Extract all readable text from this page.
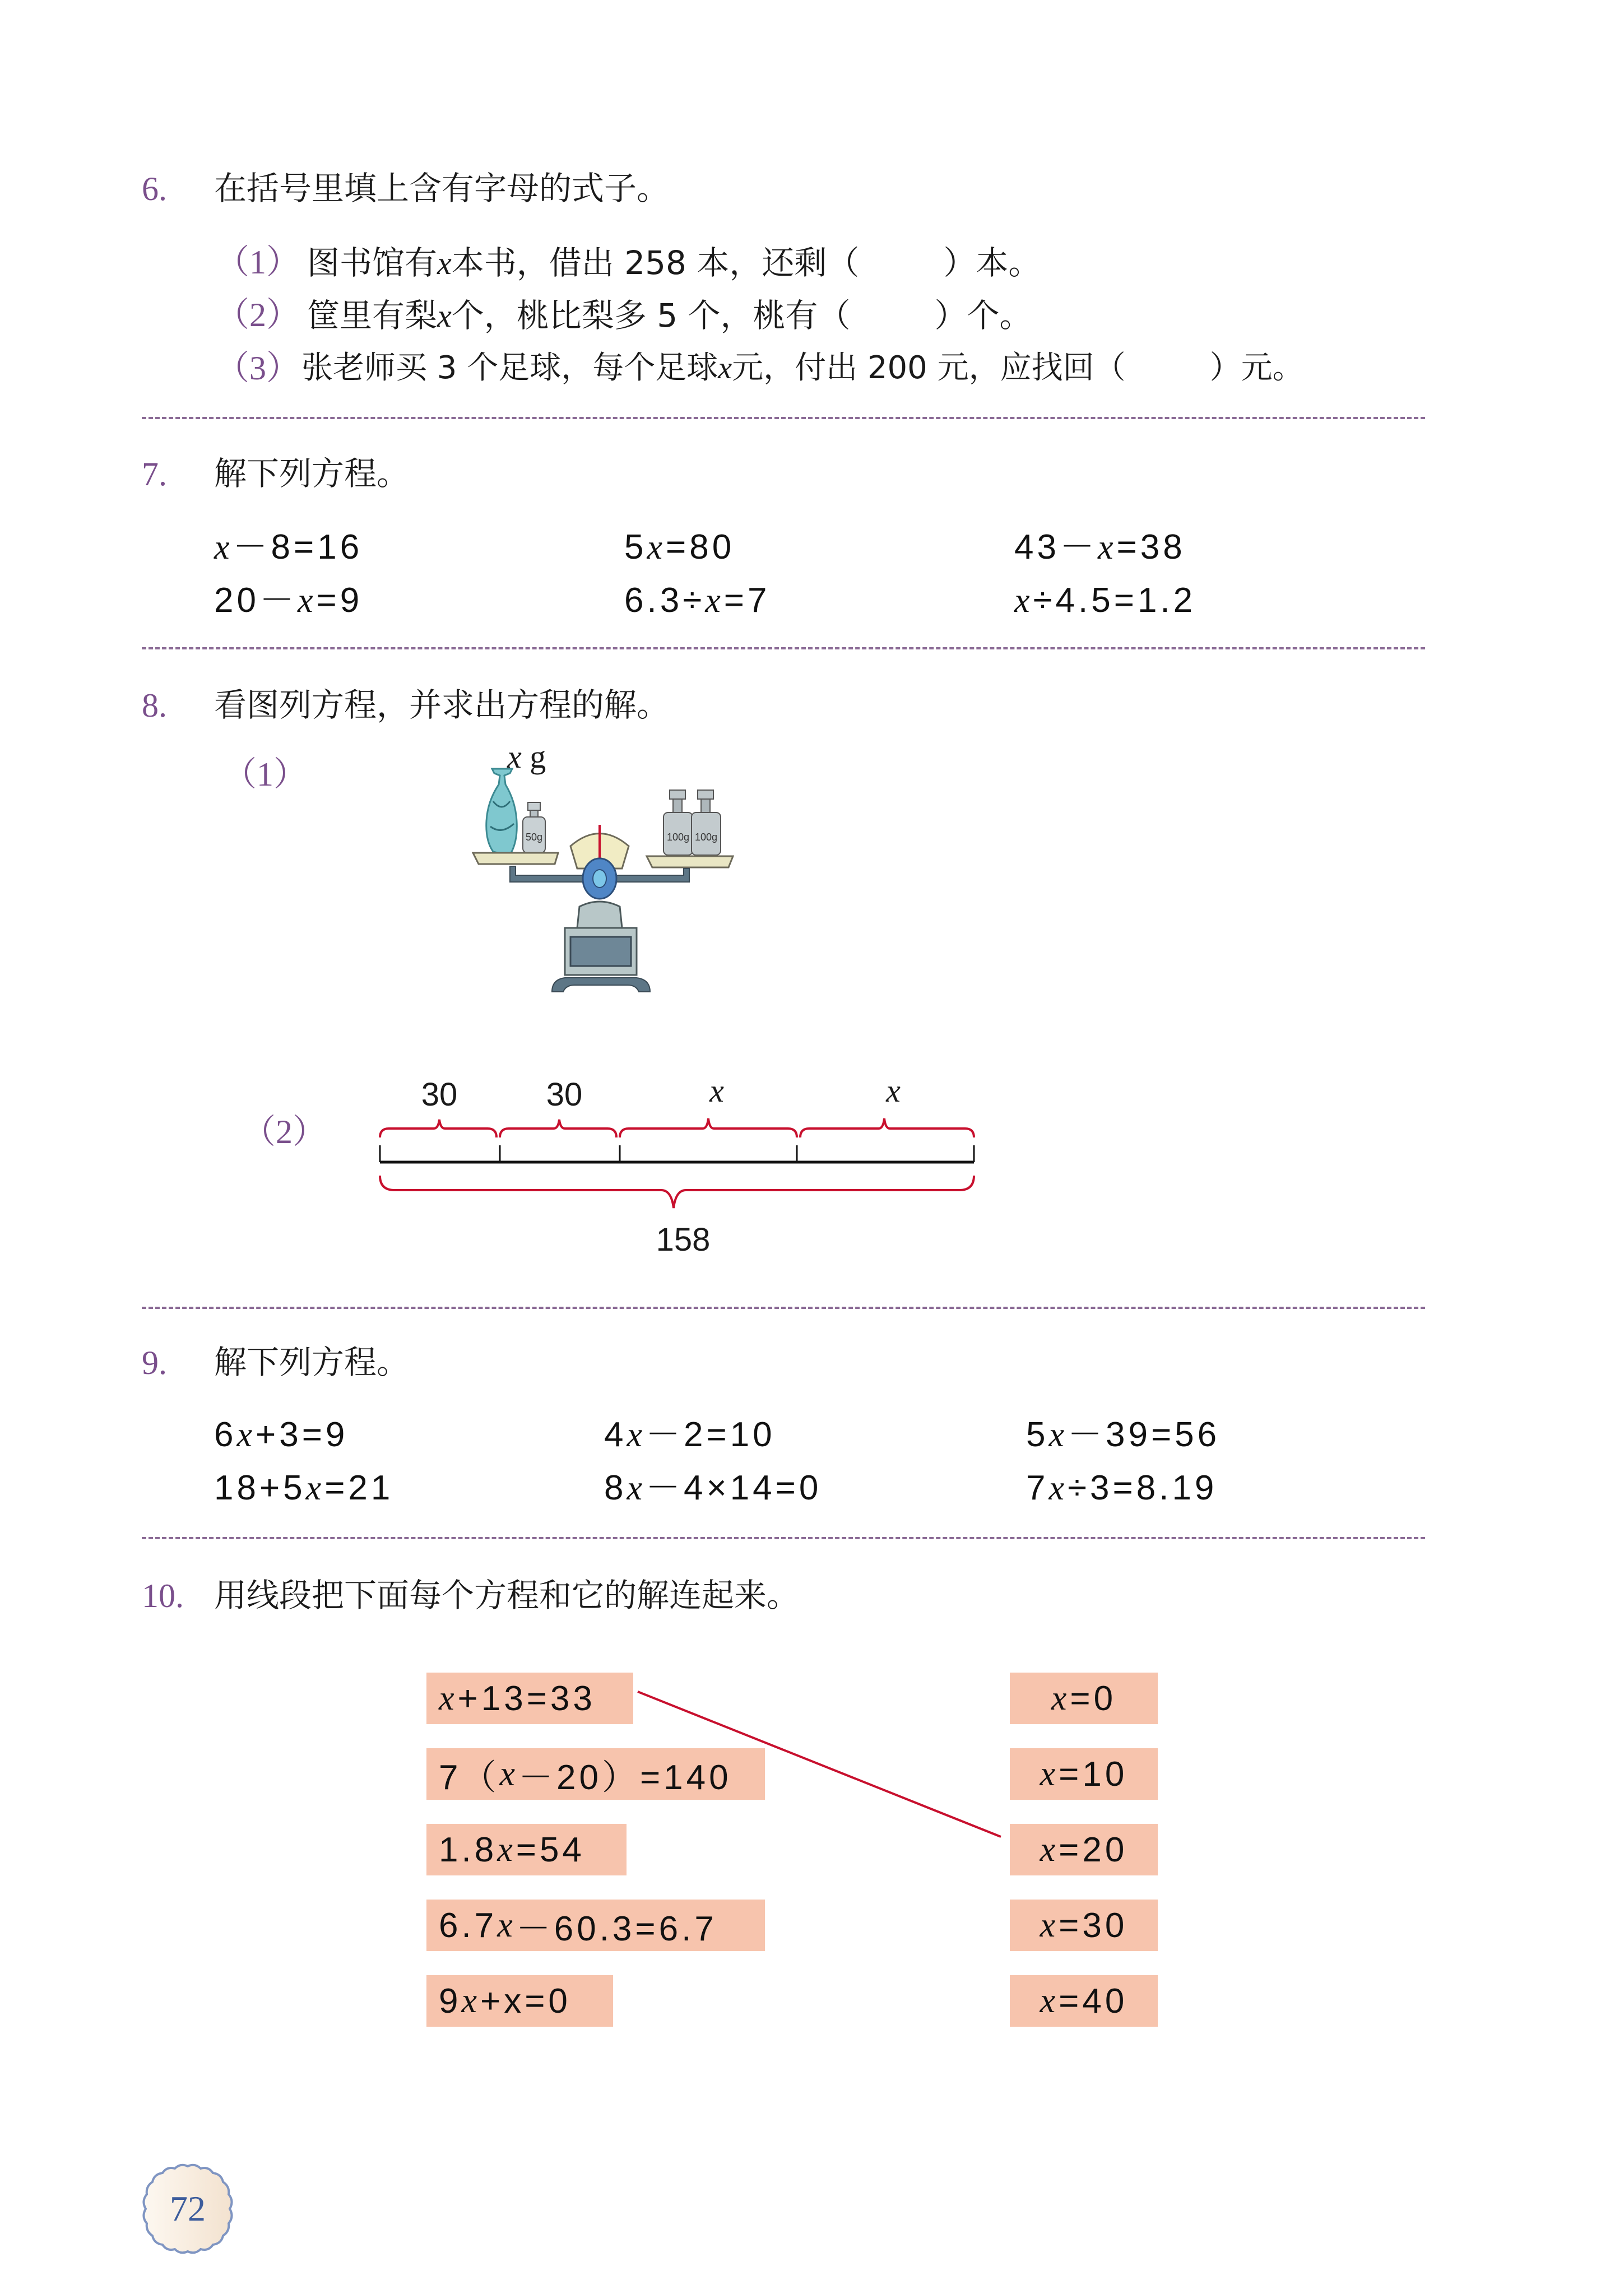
6. 在括号里填上含有字母的式子。
（1） 图书馆有x本书，借出 258 本，还剩（	）本。
（2） 筐里有梨x个，桃比梨多 5 个，桃有（	）个。
（3） 张老师买 3 个足球，每个足球x元，付出 200 元，应找回（	）元。
7. 解下列方程。
x－8=16	5x=80	43－x=38
20－x=9	6.3÷x=7	x÷4.5=1.2
8. 看图列方程，并求出方程的解。
（1）	x g
50g	100g 100g
（2）
30	30	x	x
158
9. 解下列方程。
6x+3=9	4x－2=10	5x－39=56
18+5x=21	8x－4×14=0	7x÷3=8.19
10. 用线段把下面每个方程和它的解连起来。
x +13=33
7（ x －20）=140
1.8 x =54
6.7 x －60.3=6.7
9 x +x=0
x =0
x =10
x =20
x =30
x =40
72
